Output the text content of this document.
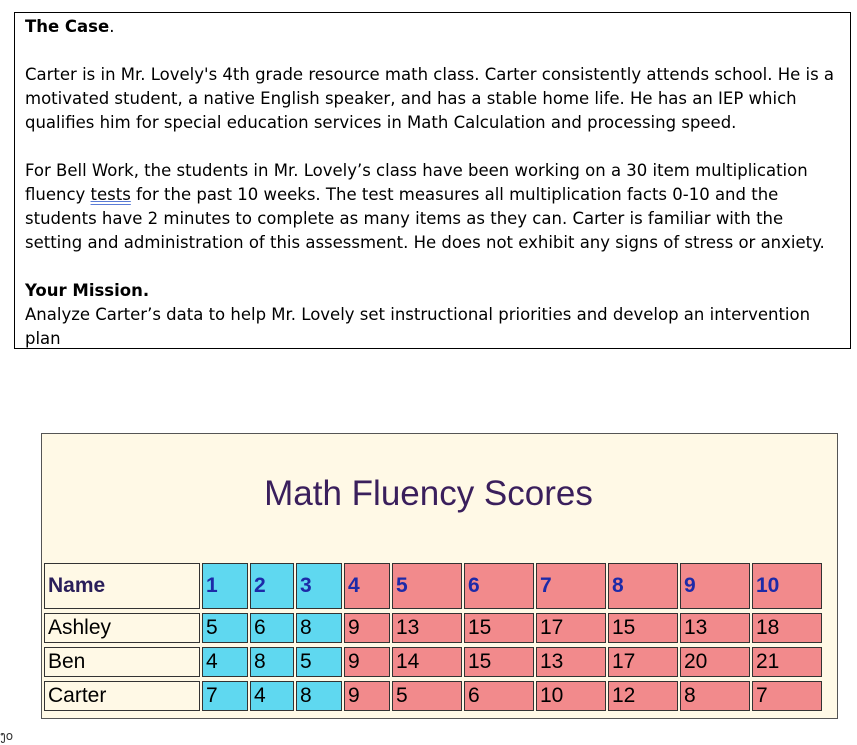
The Case.

Carter is in Mr. Lovely's 4th grade resource math class. Carter consistently attends school. He is a motivated student, a native English speaker, and has a stable home life. He has an IEP which qualifies him for special education services in Math Calculation and processing speed.

For Bell Work, the students in Mr. Lovely’s class have been working on a 30 item multiplication fluency tests for the past 10 weeks. The test measures all multiplication facts 0-10 and the students have 2 minutes to complete as many items as they can. Carter is familiar with the setting and administration of this assessment. He does not exhibit any signs of stress or anxiety.

Your Mission.

Analyze Carter’s data to help Mr. Lovely set instructional priorities and develop an intervention plan

Math Fluency Scores
Name	1	2	3	4	5	6	7	8	9	10
Ashley	5	6	8	9	13	15	17	15	13	18
Ben	4	8	5	9	14	15	13	17	20	21
Carter	7	4	8	9	5	6	10	12	8	7
ງo
